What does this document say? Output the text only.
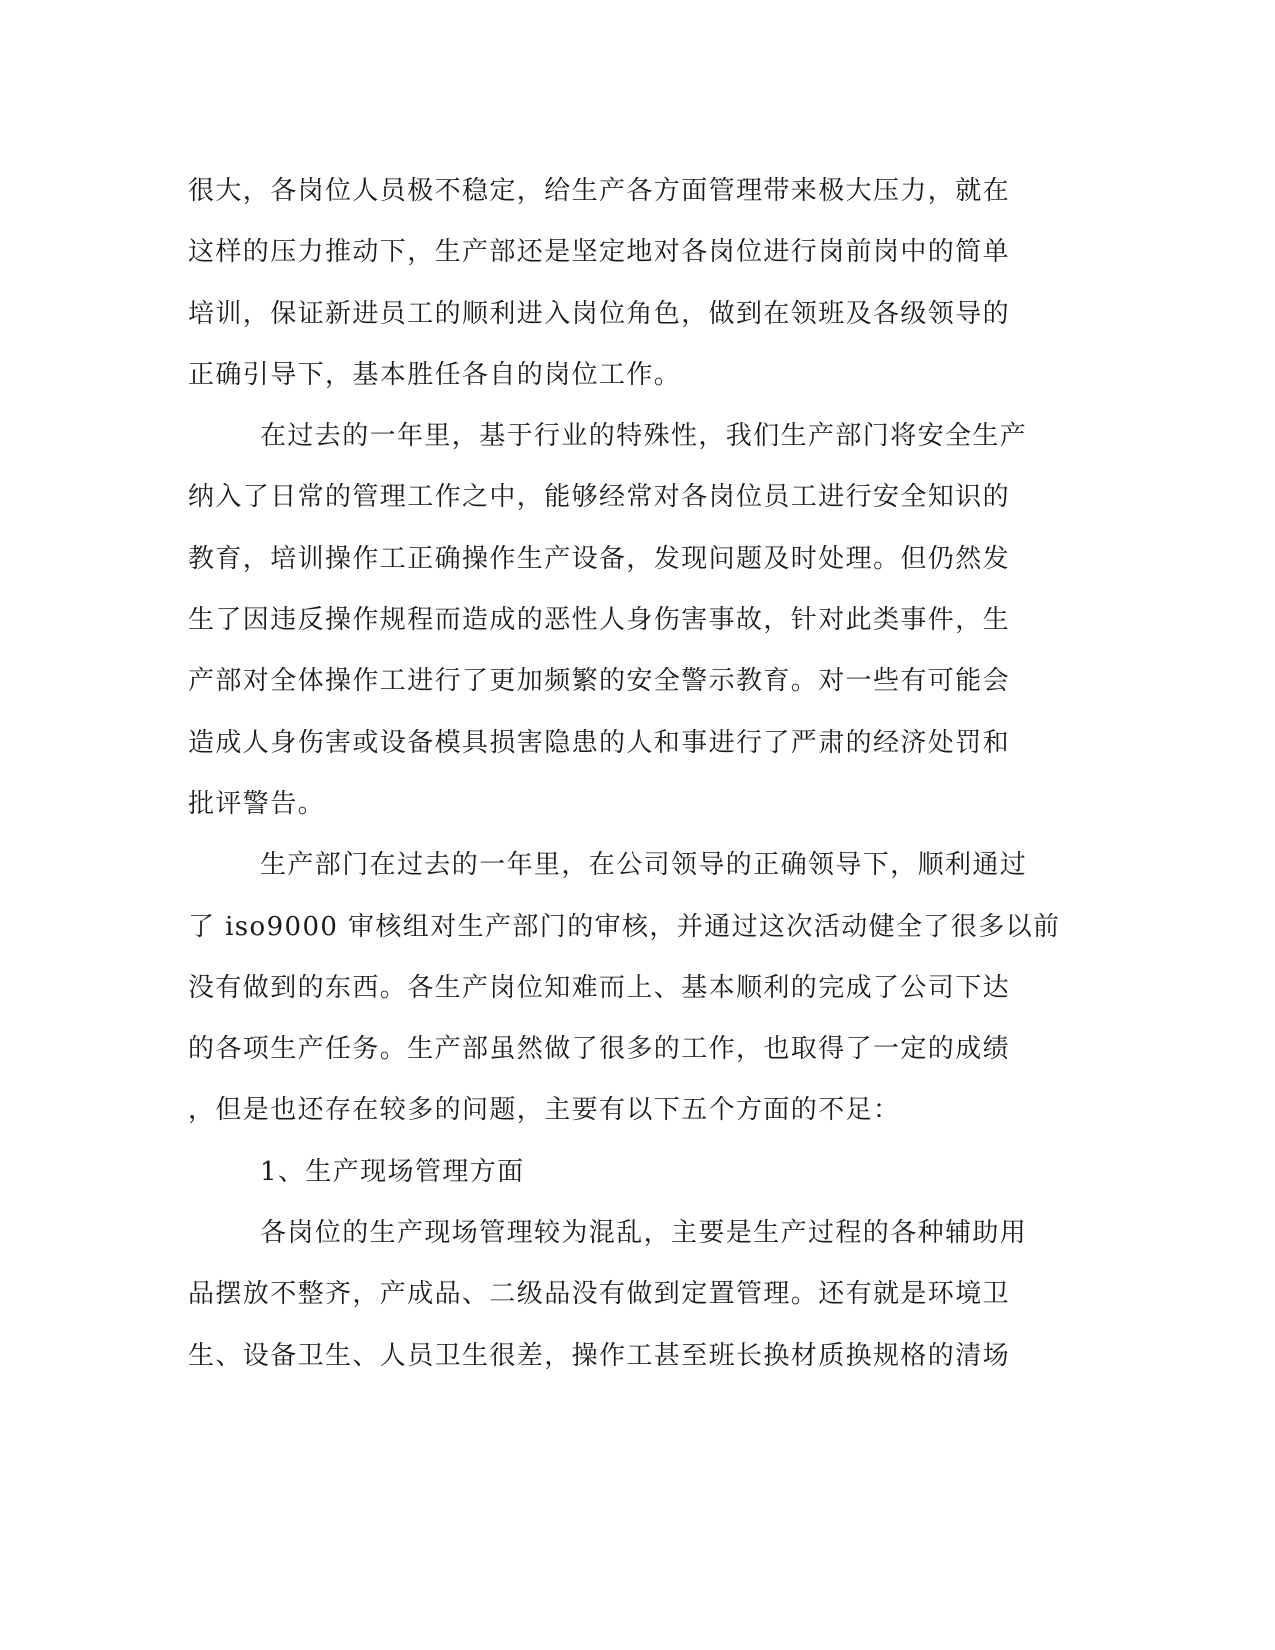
很大，各岗位人员极不稳定，给生产各方面管理带来极大压力，就在
这样的压力推动下，生产部还是坚定地对各岗位进行岗前岗中的简单
培训，保证新进员工的顺利进入岗位角色，做到在领班及各级领导的
正确引导下，基本胜任各自的岗位工作。
在过去的一年里，基于行业的特殊性，我们生产部门将安全生产
纳入了日常的管理工作之中，能够经常对各岗位员工进行安全知识的
教育，培训操作工正确操作生产设备，发现问题及时处理。但仍然发
生了因违反操作规程而造成的恶性人身伤害事故，针对此类事件，生
产部对全体操作工进行了更加频繁的安全警示教育。对一些有可能会
造成人身伤害或设备模具损害隐患的人和事进行了严肃的经济处罚和
批评警告。
生产部门在过去的一年里，在公司领导的正确领导下，顺利通过
了 iso9000 审核组对生产部门的审核，并通过这次活动健全了很多以前
没有做到的东西。各生产岗位知难而上、基本顺利的完成了公司下达
的各项生产任务。生产部虽然做了很多的工作，也取得了一定的成绩
，但是也还存在较多的问题，主要有以下五个方面的不足：
1、生产现场管理方面
各岗位的生产现场管理较为混乱，主要是生产过程的各种辅助用
品摆放不整齐，产成品、二级品没有做到定置管理。还有就是环境卫
生、设备卫生、人员卫生很差，操作工甚至班长换材质换规格的清场
